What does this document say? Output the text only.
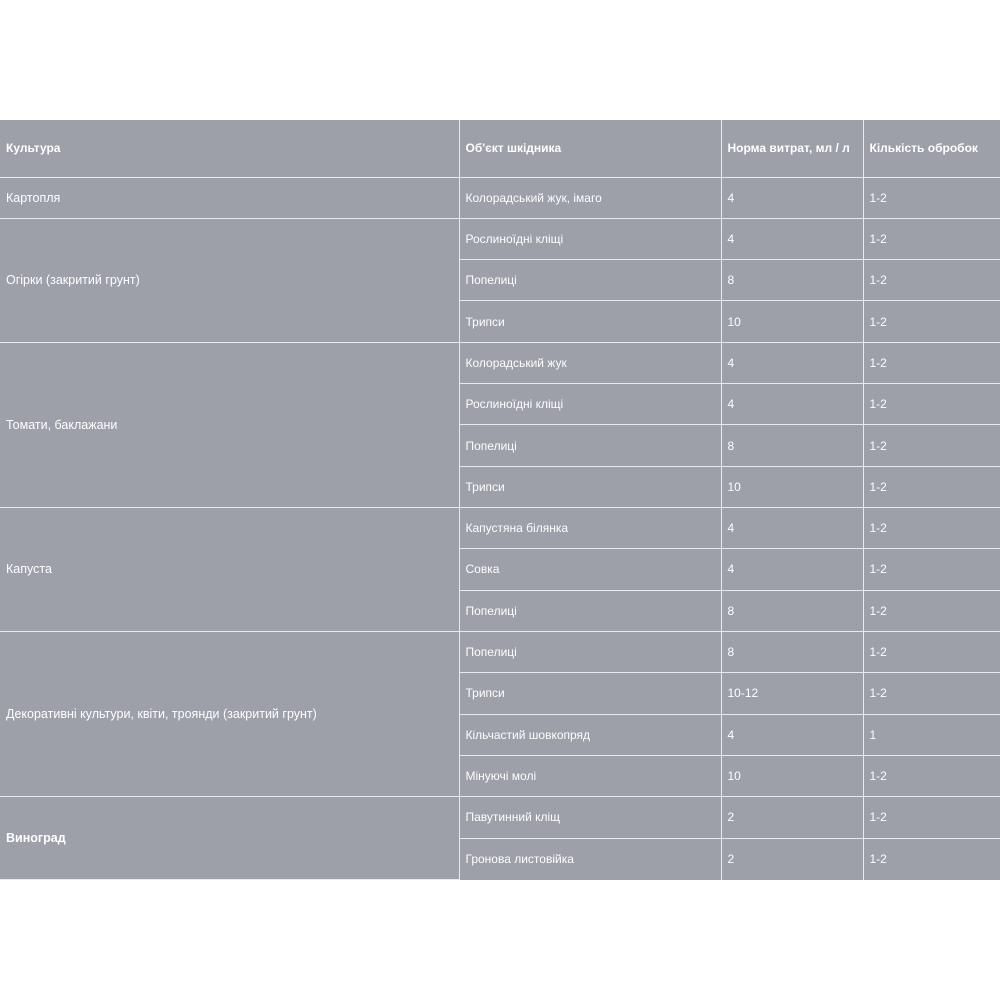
Культура	Об'єкт шкідника	Норма витрат, мл / л	Кількість обробок
Картопля	Колорадський жук, імаго	4	1-2
Огірки (закритий грунт)	Рослиноїдні кліщі	4	1-2
	Попелиці	8	1-2
	Трипси	10	1-2
Томати, баклажани	Колорадський жук	4	1-2
	Рослиноїдні кліщі	4	1-2
	Попелиці	8	1-2
	Трипси	10	1-2
Капуста	Капустяна білянка	4	1-2
	Совка	4	1-2
	Попелиці	8	1-2
Декоративні культури, квіти, троянди (закритий грунт)	Попелиці	8	1-2
	Трипси	10-12	1-2
	Кільчастий шовкопряд	4	1
	Мінуючі молі	10	1-2
Виноград	Павутинний кліщ	2	1-2
	Гронова листовійка	2	1-2
